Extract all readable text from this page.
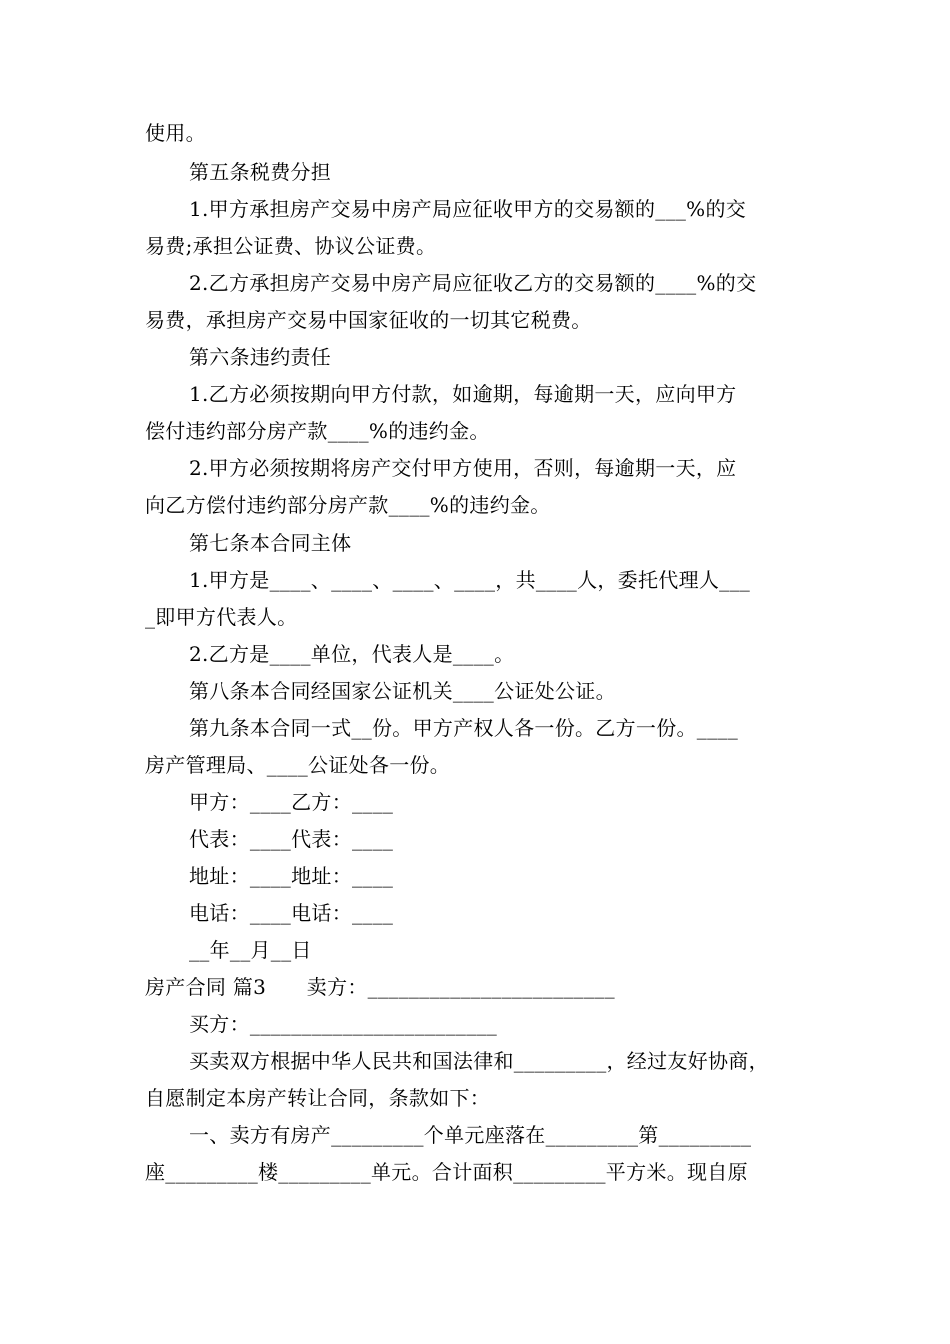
使用。
第五条税费分担
1.甲方承担房产交易中房产局应征收甲方的交易额的___%的交
易费;承担公证费、协议公证费。
2.乙方承担房产交易中房产局应征收乙方的交易额的____%的交
易费，承担房产交易中国家征收的一切其它税费。
第六条违约责任
1.乙方必须按期向甲方付款，如逾期，每逾期一天，应向甲方
偿付违约部分房产款____%的违约金。
2.甲方必须按期将房产交付甲方使用，否则，每逾期一天，应
向乙方偿付违约部分房产款____%的违约金。
第七条本合同主体
1.甲方是____、____、____、____，共____人，委托代理人___
_即甲方代表人。
2.乙方是____单位，代表人是____。
第八条本合同经国家公证机关____公证处公证。
第九条本合同一式__份。甲方产权人各一份。乙方一份。____
房产管理局、____公证处各一份。
甲方：____乙方：____
代表：____代表：____
地址：____地址：____
电话：____电话：____
__年__月__日
房产合同 篇3　　卖方：________________________
买方：________________________
买卖双方根据中华人民共和国法律和_________，经过友好协商，
自愿制定本房产转让合同，条款如下：
一、卖方有房产_________个单元座落在_________第_________
座_________楼_________单元。合计面积_________平方米。现自原
